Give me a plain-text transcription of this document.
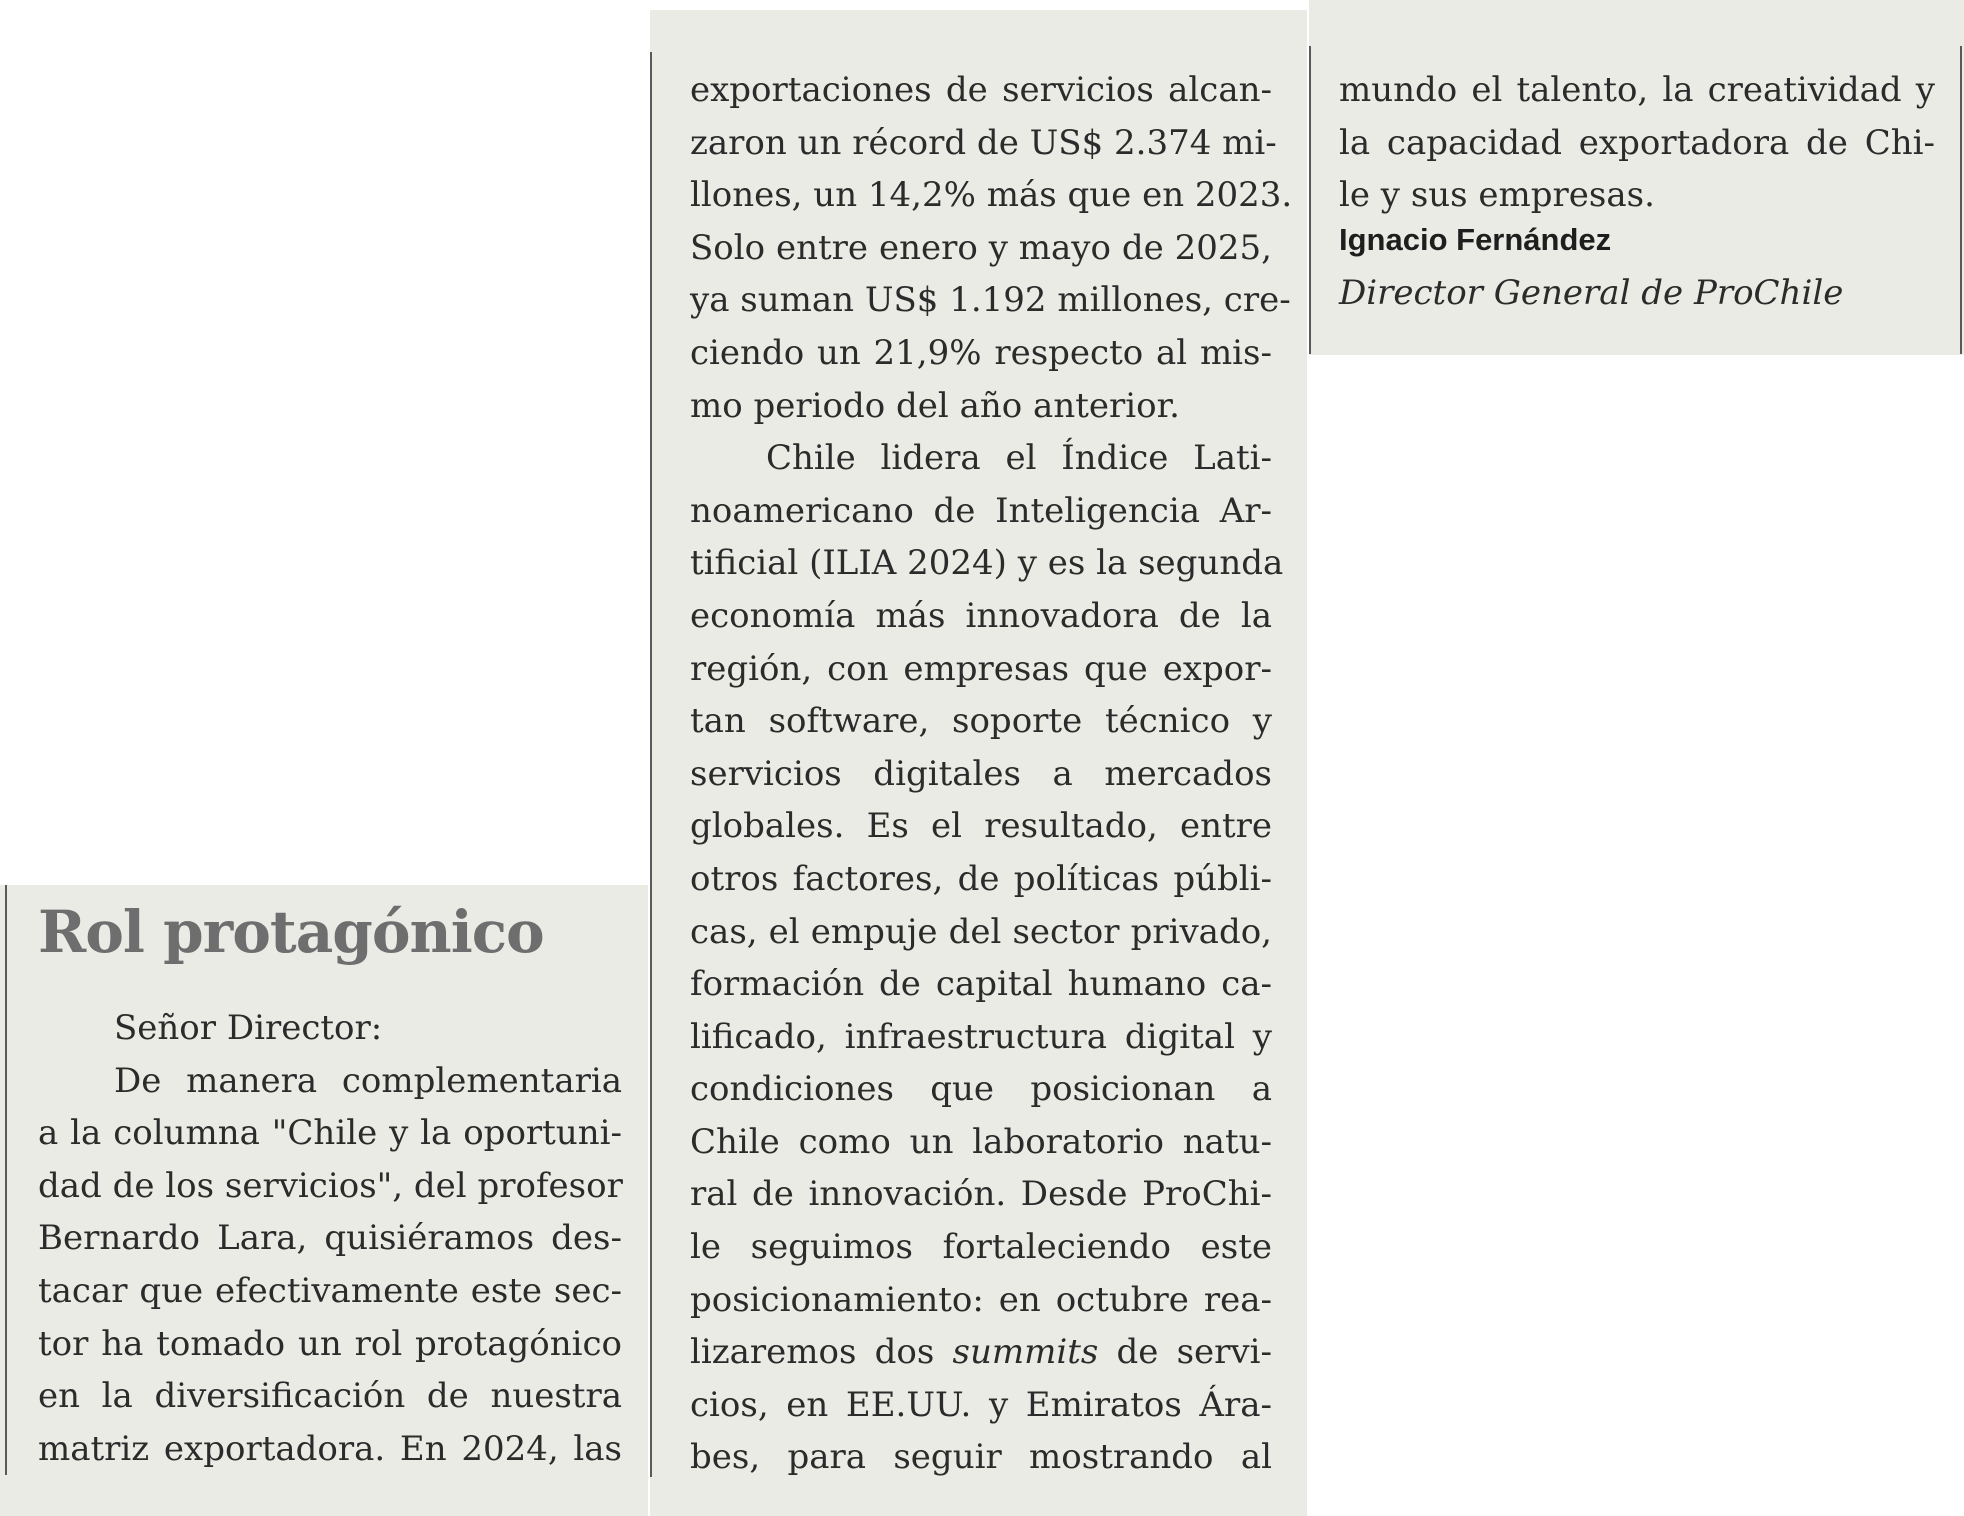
Rol protagónico
Señor Director:
De manera complementaria
a la columna "Chile y la oportuni-
dad de los servicios", del profesor
Bernardo Lara, quisiéramos des-
tacar que efectivamente este sec-
tor ha tomado un rol protagónico
en la diversificación de nuestra
matriz exportadora. En 2024, las
exportaciones de servicios alcan-
zaron un récord de US$ 2.374 mi-
llones, un 14,2% más que en 2023.
Solo entre enero y mayo de 2025,
ya suman US$ 1.192 millones, cre-
ciendo un 21,9% respecto al mis-
mo periodo del año anterior.
Chile lidera el Índice Lati-
noamericano de Inteligencia Ar-
tificial (ILIA 2024) y es la segunda
economía más innovadora de la
región, con empresas que expor-
tan software, soporte técnico y
servicios digitales a mercados
globales. Es el resultado, entre
otros factores, de políticas públi-
cas, el empuje del sector privado,
formación de capital humano ca-
lificado, infraestructura digital y
condiciones que posicionan a
Chile como un laboratorio natu-
ral de innovación. Desde ProChi-
le seguimos fortaleciendo este
posicionamiento: en octubre rea-
lizaremos dos summits de servi-
cios, en EE.UU. y Emiratos Ára-
bes, para seguir mostrando al
mundo el talento, la creatividad y
la capacidad exportadora de Chi-
le y sus empresas.
Ignacio Fernández
Director General de ProChile
